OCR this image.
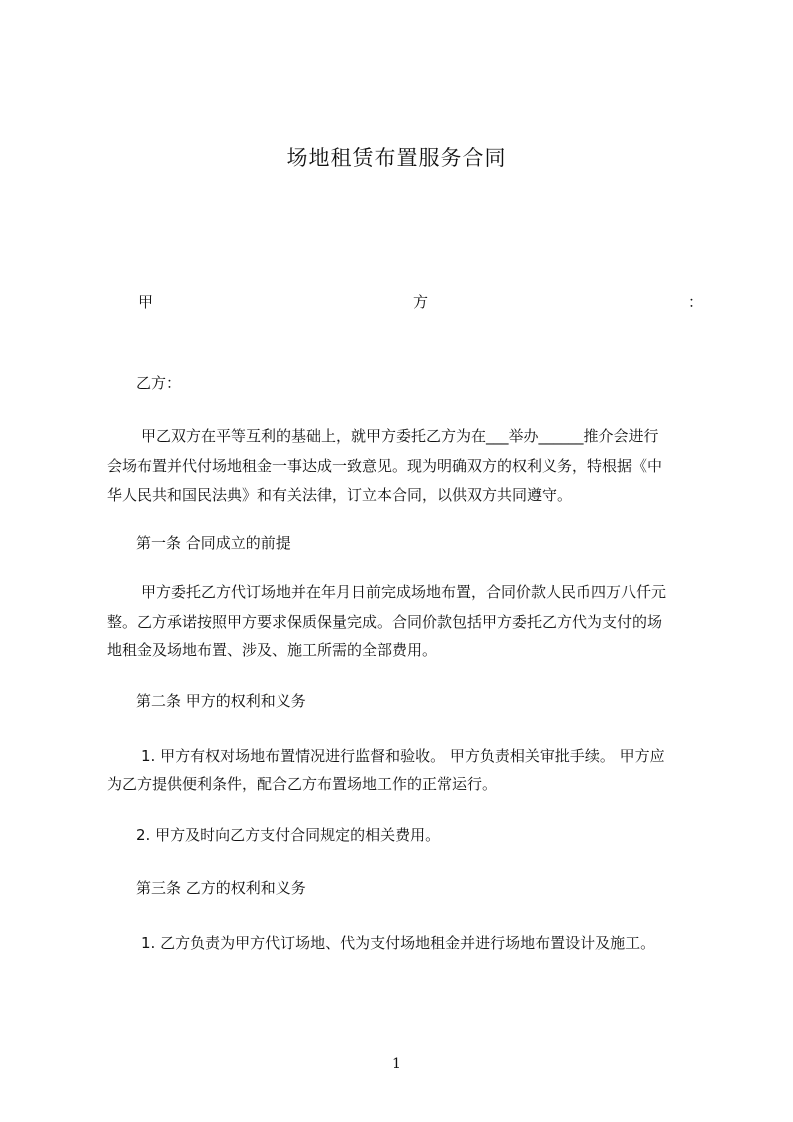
场地租赁布置服务合同
甲	方	：
乙方：
甲乙双方在平等互利的基础上，就甲方委托乙方为在___举办______推介会进行
会场布置并代付场地租金一事达成一致意见。现为明确双方的权利义务，特根据《中
华人民共和国民法典》和有关法律，订立本合同，以供双方共同遵守。
第一条 合同成立的前提
甲方委托乙方代订场地并在年月日前完成场地布置，合同价款人民币四万八仟元
整。乙方承诺按照甲方要求保质保量完成。合同价款包括甲方委托乙方代为支付的场
地租金及场地布置、涉及、施工所需的全部费用。
第二条 甲方的权利和义务
1. 甲方有权对场地布置情况进行监督和验收。 甲方负责相关审批手续。 甲方应
为乙方提供便利条件，配合乙方布置场地工作的正常运行。
2. 甲方及时向乙方支付合同规定的相关费用。
第三条 乙方的权利和义务
1. 乙方负责为甲方代订场地、代为支付场地租金并进行场地布置设计及施工。
1
